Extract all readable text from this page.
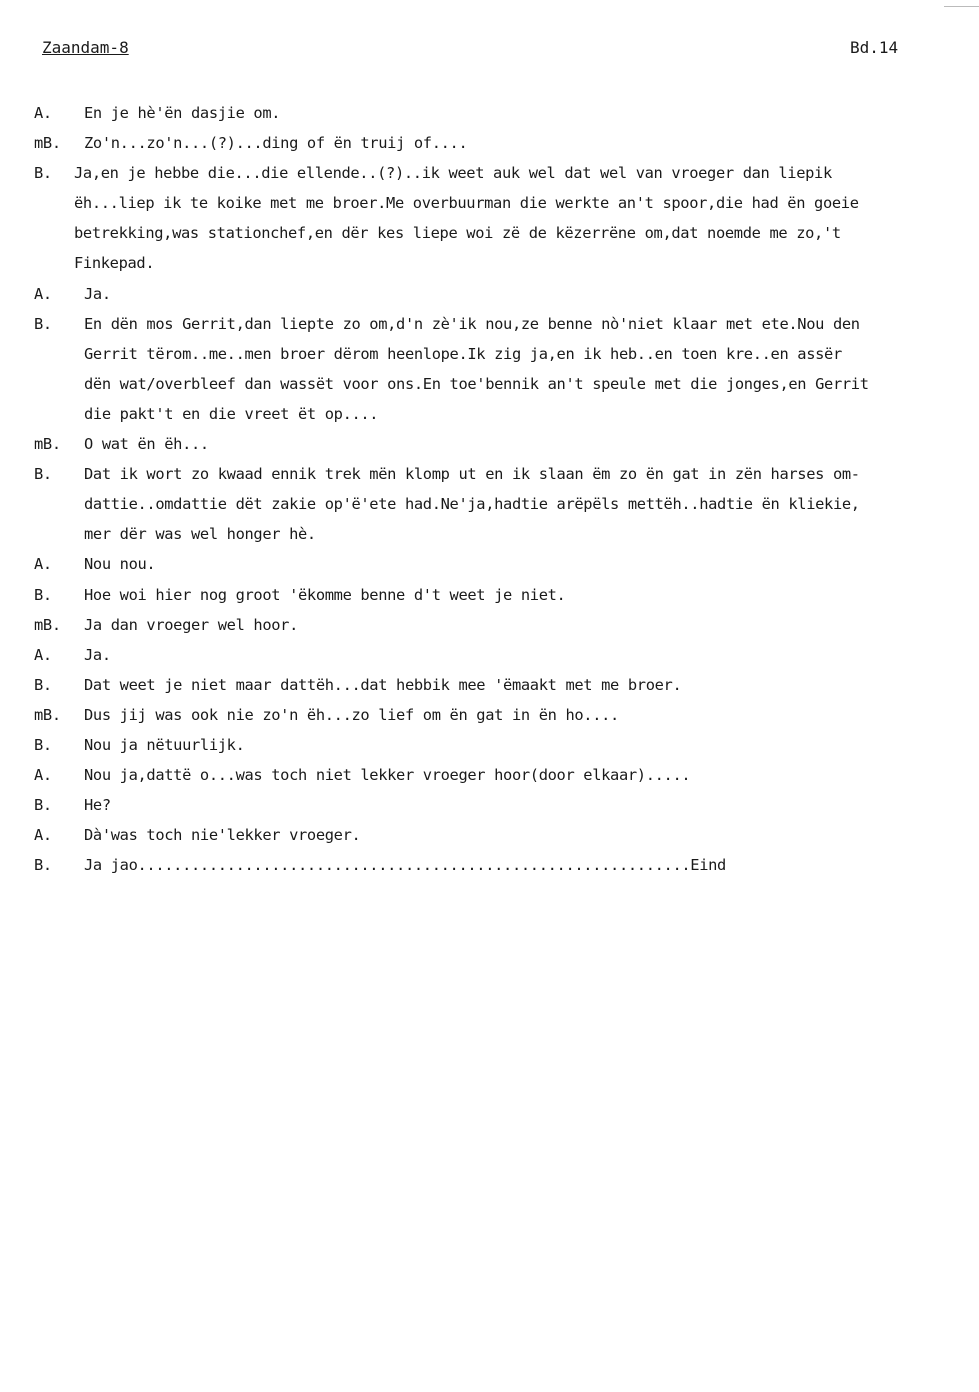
Zaandam-8	Bd.14
A. En je hè'ën dasjie om.
mB. Zo'n...zo'n...(?)...ding of ën truij of....
B. Ja,en je hebbe die...die ellende..(?)..ik weet auk wel dat wel van vroeger dan liepik
ëh...liep ik te koike met me broer.Me overbuurman die werkte an't spoor,die had ën goeie
betrekking,was stationchef,en dër kes liepe woi zë de këzerrëne om,dat noemde me zo,'t
Finkepad.
A. Ja.
B. En dën mos Gerrit,dan liepte zo om,d'n zè'ik nou,ze benne nò'niet klaar met ete.Nou den
Gerrit tërom..me..men broer dërom heenlope.Ik zig ja,en ik heb..en toen kre..en assër
dën wat/overbleef dan wassët voor ons.En toe'bennik an't speule met die jonges,en Gerrit
die pakt't en die vreet ët op....
mB. O wat ën ëh...
B. Dat ik wort zo kwaad ennik trek mën klomp ut en ik slaan ëm zo ën gat in zën harses om-
dattie..omdattie dët zakie op'ë'ete had.Ne'ja,hadtie arëpëls mettëh..hadtie ën kliekie,
mer dër was wel honger hè.
A. Nou nou.
B. Hoe woi hier nog groot 'ëkomme benne d't weet je niet.
mB. Ja dan vroeger wel hoor.
A. Ja.
B. Dat weet je niet maar dattëh...dat hebbik mee 'ëmaakt met me broer.
mB. Dus jij was ook nie zo'n ëh...zo lief om ën gat in ën ho....
B. Nou ja nëtuurlijk.
A. Nou ja,dattë o...was toch niet lekker vroeger hoor(door elkaar).....
B. He?
A. Dà'was toch nie'lekker vroeger.
B. Ja jao..............................................................Eind
